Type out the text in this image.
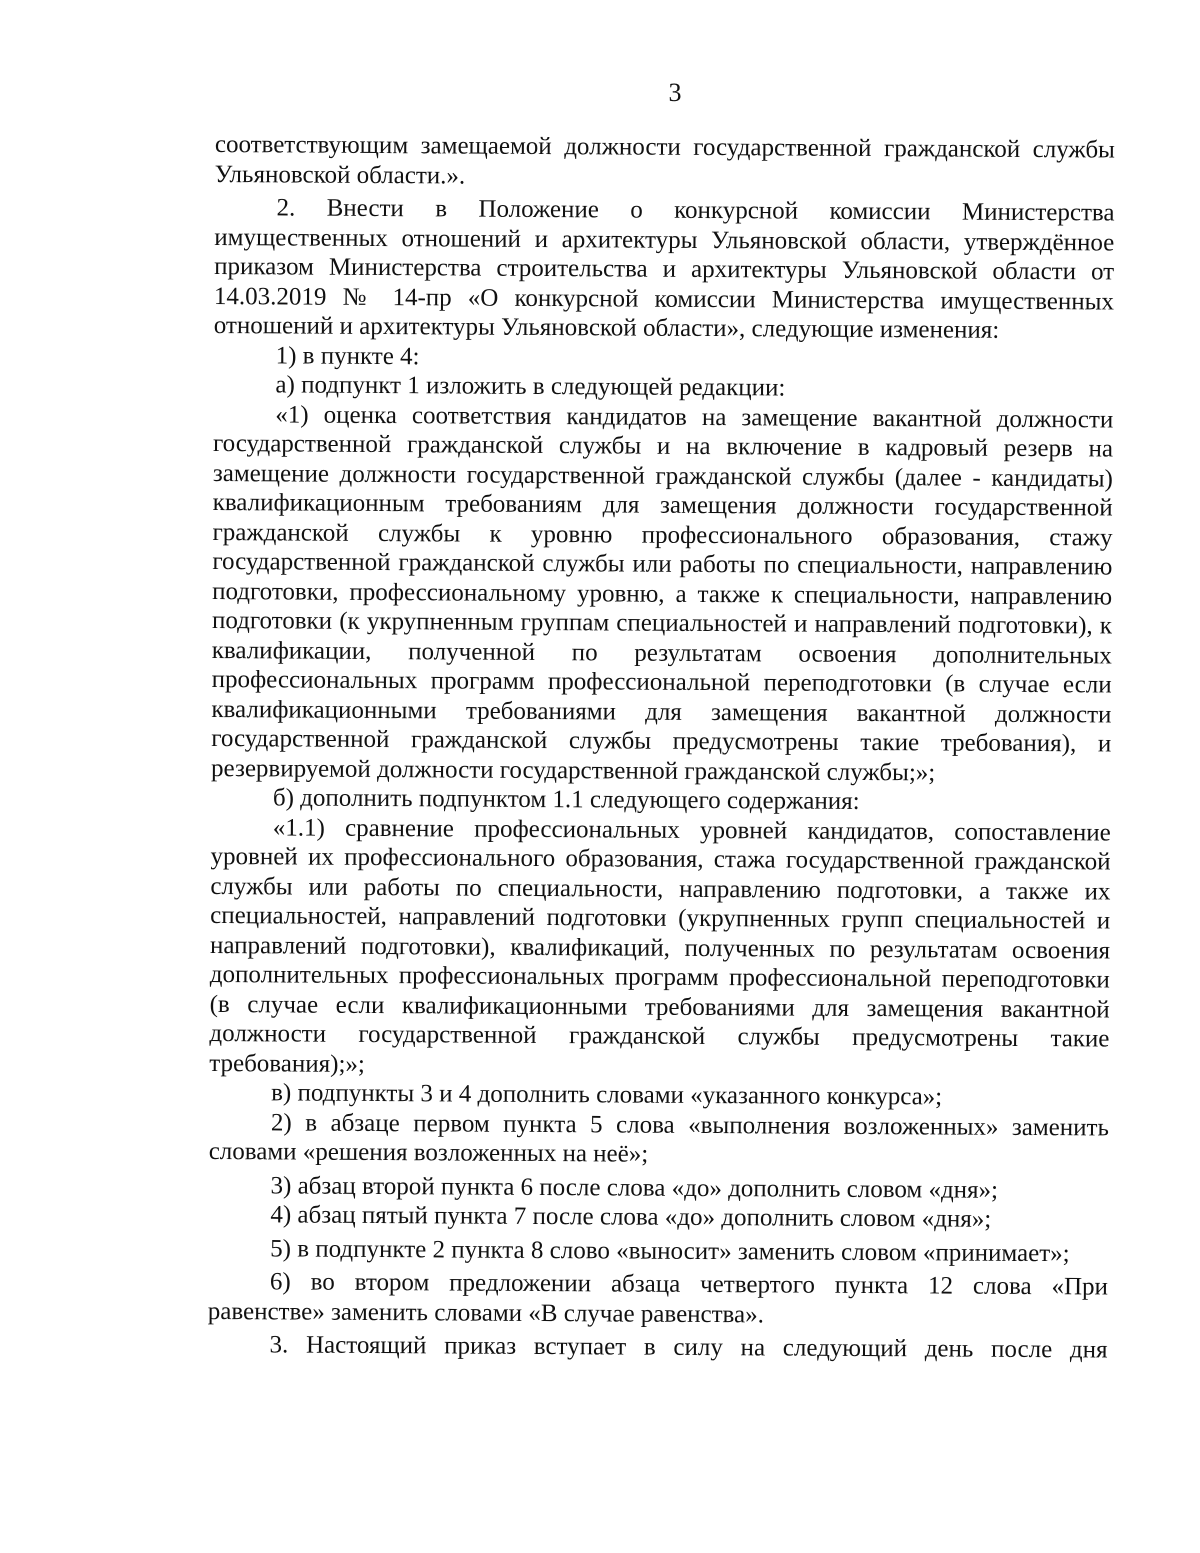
3

соответствующим замещаемой должности государственной гражданской службы Ульяновской области.».

2. Внести в Положение о конкурсной комиссии Министерства имущественных отношений и архитектуры Ульяновской области, утверждённое приказом Министерства строительства и архитектуры Ульяновской области от 14.03.2019 № 14-пр «О конкурсной комиссии Министерства имущественных отношений и архитектуры Ульяновской области», следующие изменения:

1) в пункте 4:

а) подпункт 1 изложить в следующей редакции:

«1) оценка соответствия кандидатов на замещение вакантной должности государственной гражданской службы и на включение в кадровый резерв на замещение должности государственной гражданской службы (далее - кандидаты) квалификационным требованиям для замещения должности государственной гражданской службы к уровню профессионального образования, стажу государственной гражданской службы или работы по специальности, направлению подготовки, профессиональному уровню, а также к специальности, направлению подготовки (к укрупненным группам специальностей и направлений подготовки), к квалификации, полученной по результатам освоения дополнительных профессиональных программ профессиональной переподготовки (в случае если квалификационными требованиями для замещения вакантной должности государственной гражданской службы предусмотрены такие требования), и резервируемой должности государственной гражданской службы;»;

б) дополнить подпунктом 1.1 следующего содержания:

«1.1) сравнение профессиональных уровней кандидатов, сопоставление уровней их профессионального образования, стажа государственной гражданской службы или работы по специальности, направлению подготовки, а также их специальностей, направлений подготовки (укрупненных групп специальностей и направлений подготовки), квалификаций, полученных по результатам освоения дополнительных профессиональных программ профессиональной переподготовки (в случае если квалификационными требованиями для замещения вакантной должности государственной гражданской службы предусмотрены такие требования);»;

в) подпункты 3 и 4 дополнить словами «указанного конкурса»;

2) в абзаце первом пункта 5 слова «выполнения возложенных» заменить словами «решения возложенных на неё»;

3) абзац второй пункта 6 после слова «до» дополнить словом «дня»;

4) абзац пятый пункта 7 после слова «до» дополнить словом «дня»;

5) в подпункте 2 пункта 8 слово «выносит» заменить словом «принимает»;

6) во втором предложении абзаца четвертого пункта 12 слова «При равенстве» заменить словами «В случае равенства».

3. Настоящий приказ вступает в силу на следующий день после дня
